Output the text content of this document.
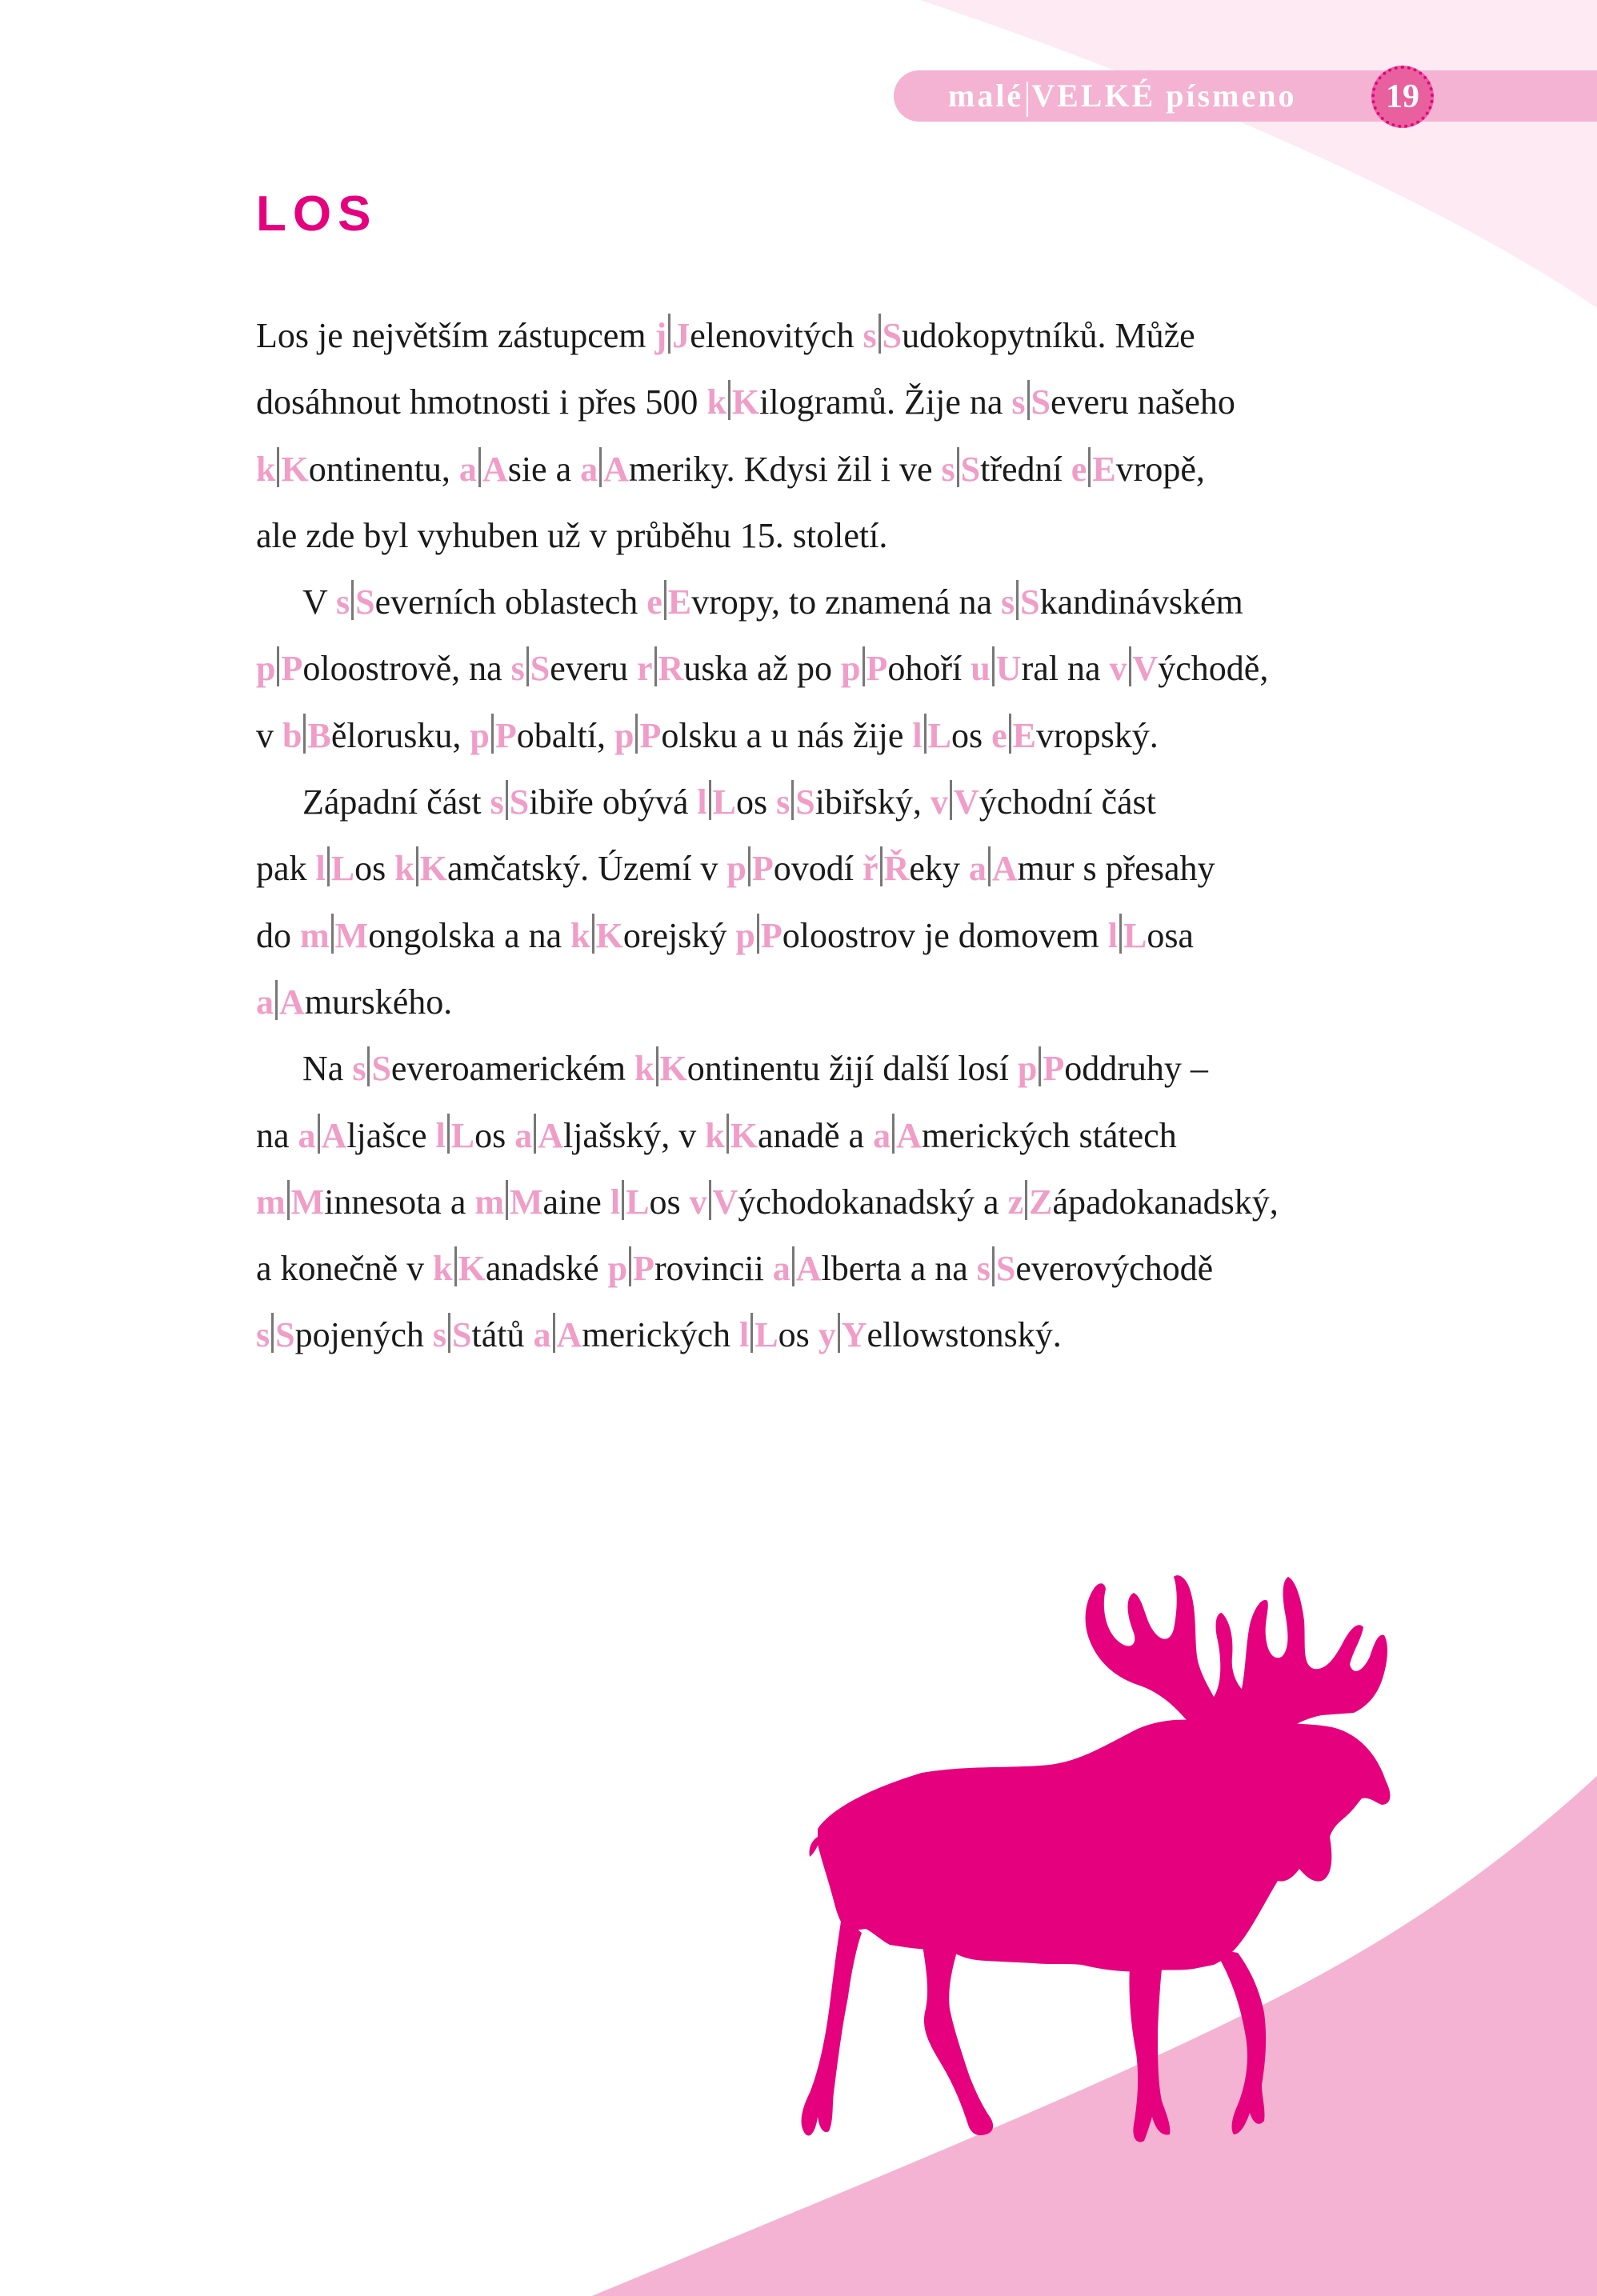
malé VELKÉ písmeno	19
LOS
Los je největším zástupcem j Jelenovitých s Sudokopytníků. Může
dosáhnout hmotnosti i přes 500 k Kilogramů. Žije na s Severu našeho
k Kontinentu, a Asie a a Ameriky. Kdysi žil i ve s Střední e Evropě,
ale zde byl vyhuben už v průběhu 15. století.
V s Severních oblastech e Evropy, to znamená na s Skandinávském
p Poloostrově, na s Severu r Ruska až po p Pohoří u Ural na v Východě,
v b Bělorusku, p Pobaltí, p Polsku a u nás žije l Los e Evropský.
Západní část s Sibiře obývá l Los s Sibiřský, v Východní část
pak l Los k Kamčatský. Území v p Povodí ř Řeky a Amur s přesahy
do m Mongolska a na k Korejský p Poloostrov je domovem l Losa
a Amurského.
Na s Severoamerickém k Kontinentu žijí další losí p Poddruhy –
na a Aljašce l Los a Aljašský, v k Kanadě a a Amerických státech
m Minnesota a m Maine l Los v Východokanadský a z Západokanadský,
a konečně v k Kanadské p Provincii a Alberta a na s Severovýchodě
s Spojených s Států a Amerických l Los y Yellowstonský.
